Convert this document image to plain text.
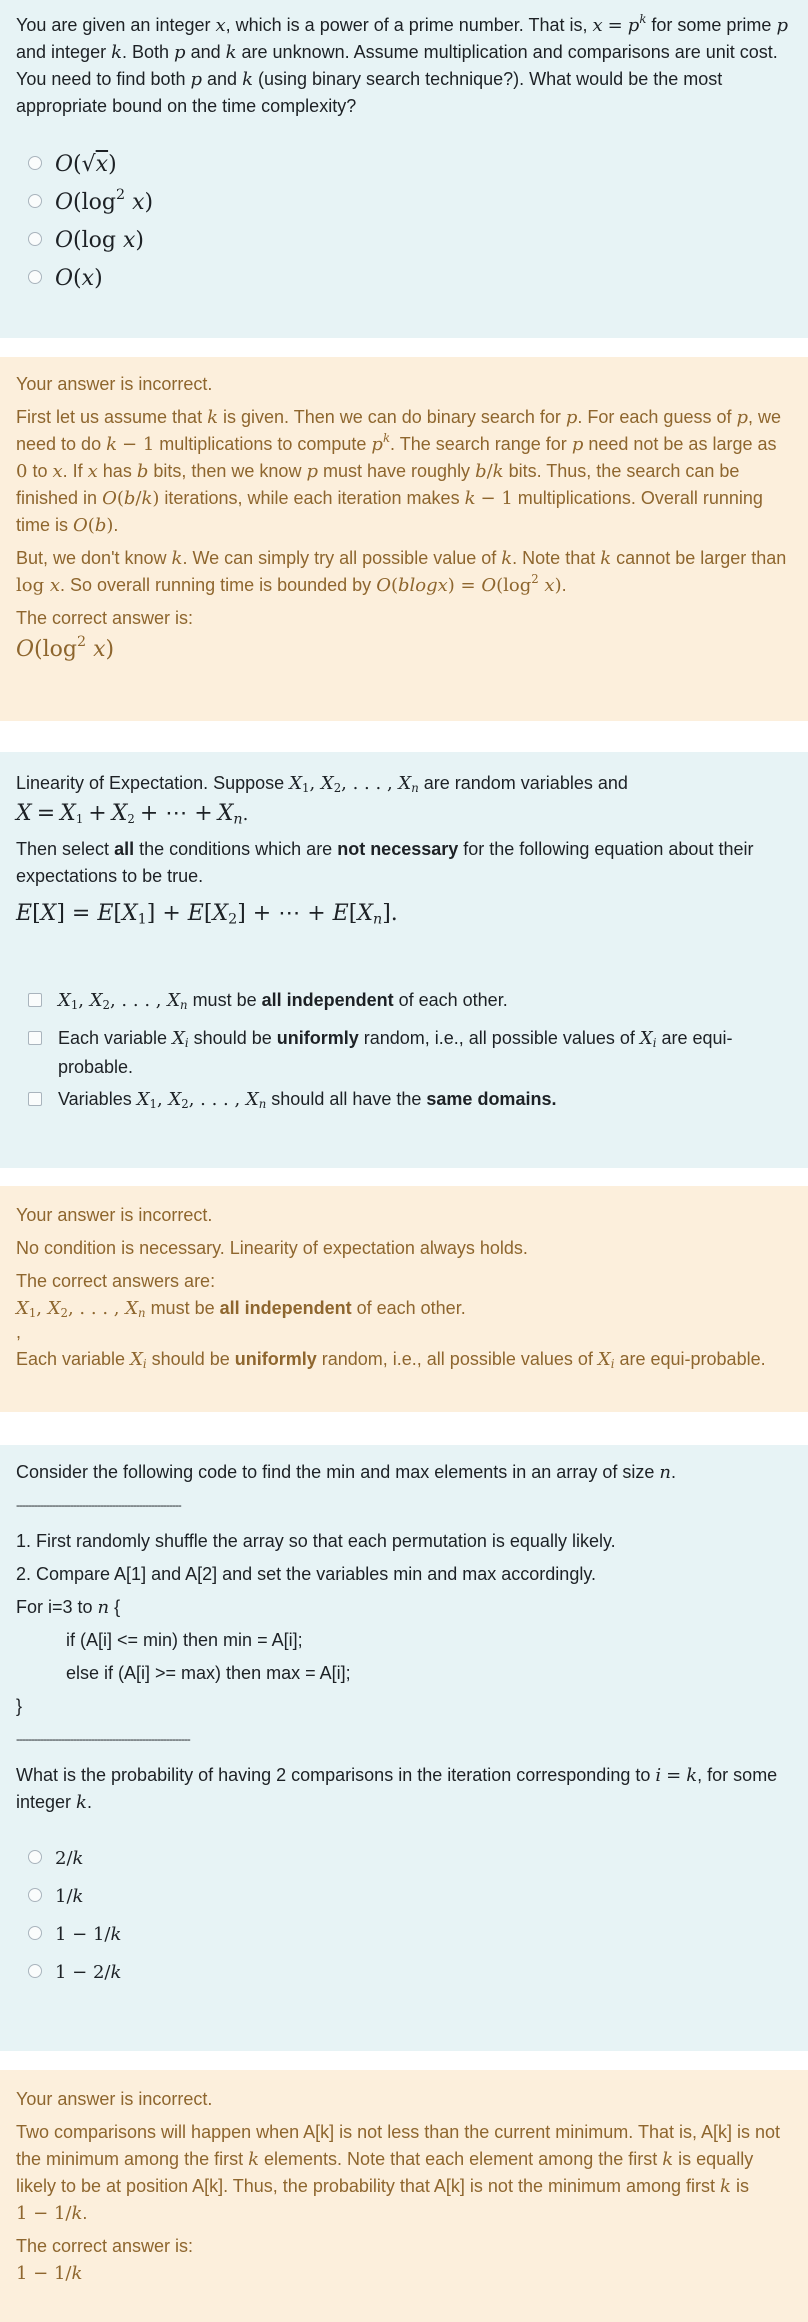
You are given an integer x, which is a power of a prime number. That is, $x = p^k$ for some prime p and integer k. Both p and k are unknown. Assume multiplication and comparisons are unit cost. You need to find both p and k (using binary search technique?). What would be the most appropriate bound on the time complexity?

O(√x)
$O(\log^2$ x)
O(log x)
O(x)

Your answer is incorrect.

First let us assume that k is given. Then we can do binary search for p. For each guess of p, we need to do k − 1 multiplications to compute $p^k$. The search range for p need not be as large as 0 to x. If x has b bits, then we know p must have roughly b/k bits. Thus, the search can be finished in O(b/k) iterations, while each iteration makes k − 1 multiplications. Overall running time is O(b).

But, we don't know k. We can simply try all possible value of k. Note that k cannot be larger than log x. So overall running time is bounded by $O(blogx) = O(\log^2$ x).

The correct answer is:

$O(\log^2$ x)

Linearity of Expectation. Suppose $X_1$, $X_2$, . . . , $X_n$ are random variables and
$X = X_1 + X_2$ + ⋯ + $X_n$.

Then select all the conditions which are not necessary for the following equation about their expectations to be true.

$E[X] = E[X_1] + E[X_2]$ + ⋯ + $E[X_n]$.

$X_1$, $X_2$, . . . , $X_n$ must be all independent of each other.
Each variable $X_i$ should be uniformly random, i.e., all possible values of $X_i$ are equi-probable.
Variables $X_1$, $X_2$, . . . , $X_n$ should all have the same domains.

Your answer is incorrect.

No condition is necessary. Linearity of expectation always holds.

The correct answers are:

$X_1$, $X_2$, . . . , $X_n$ must be all independent of each other.

,

Each variable $X_i$ should be uniformly random, i.e., all possible values of $X_i$ are equi-probable.

Consider the following code to find the min and max elements in an array of size n.

-------------------------------------------------------

1. First randomly shuffle the array so that each permutation is equally likely.

2. Compare A[1] and A[2] and set the variables min and max accordingly.

For i=3 to n {

if (A[i] <= min) then min = A[i];

else if (A[i] >= max) then max = A[i];

}

----------------------------------------------------------

What is the probability of having 2 comparisons in the iteration corresponding to i = k, for some integer k.

2/k
1/k
1 − 1/k
1 − 2/k

Your answer is incorrect.

Two comparisons will happen when A[k] is not less than the current minimum. That is, A[k] is not the minimum among the first k elements. Note that each element among the first k is equally likely to be at position A[k]. Thus, the probability that A[k] is not the minimum among first k is 1 − 1/k.

The correct answer is:

1 − 1/k
